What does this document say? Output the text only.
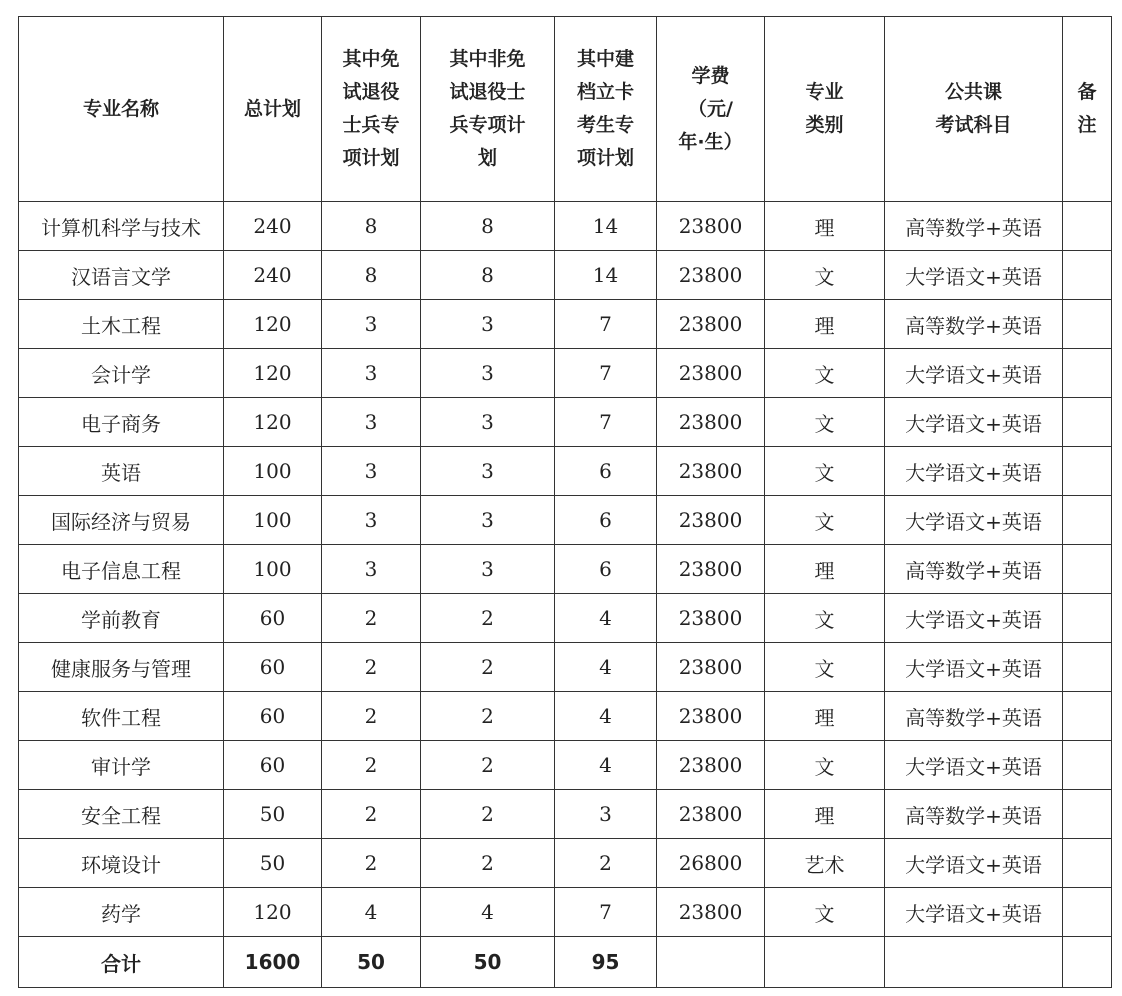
专业名称	总计划	其中免
试退役
士兵专
项计划	其中非免
试退役士
兵专项计
划	其中建
档立卡
考生专
项计划	学费
（元/
年·生）	专业
类别	公共课
考试科目	备
注
计算机科学与技术	240	8	8	14	23800	理	高等数学+英语	
汉语言文学	240	8	8	14	23800	文	大学语文+英语	
土木工程	120	3	3	7	23800	理	高等数学+英语	
会计学	120	3	3	7	23800	文	大学语文+英语	
电子商务	120	3	3	7	23800	文	大学语文+英语	
英语	100	3	3	6	23800	文	大学语文+英语	
国际经济与贸易	100	3	3	6	23800	文	大学语文+英语	
电子信息工程	100	3	3	6	23800	理	高等数学+英语	
学前教育	60	2	2	4	23800	文	大学语文+英语	
健康服务与管理	60	2	2	4	23800	文	大学语文+英语	
软件工程	60	2	2	4	23800	理	高等数学+英语	
审计学	60	2	2	4	23800	文	大学语文+英语	
安全工程	50	2	2	3	23800	理	高等数学+英语	
环境设计	50	2	2	2	26800	艺术	大学语文+英语	
药学	120	4	4	7	23800	文	大学语文+英语	
合计	1600	50	50	95				
